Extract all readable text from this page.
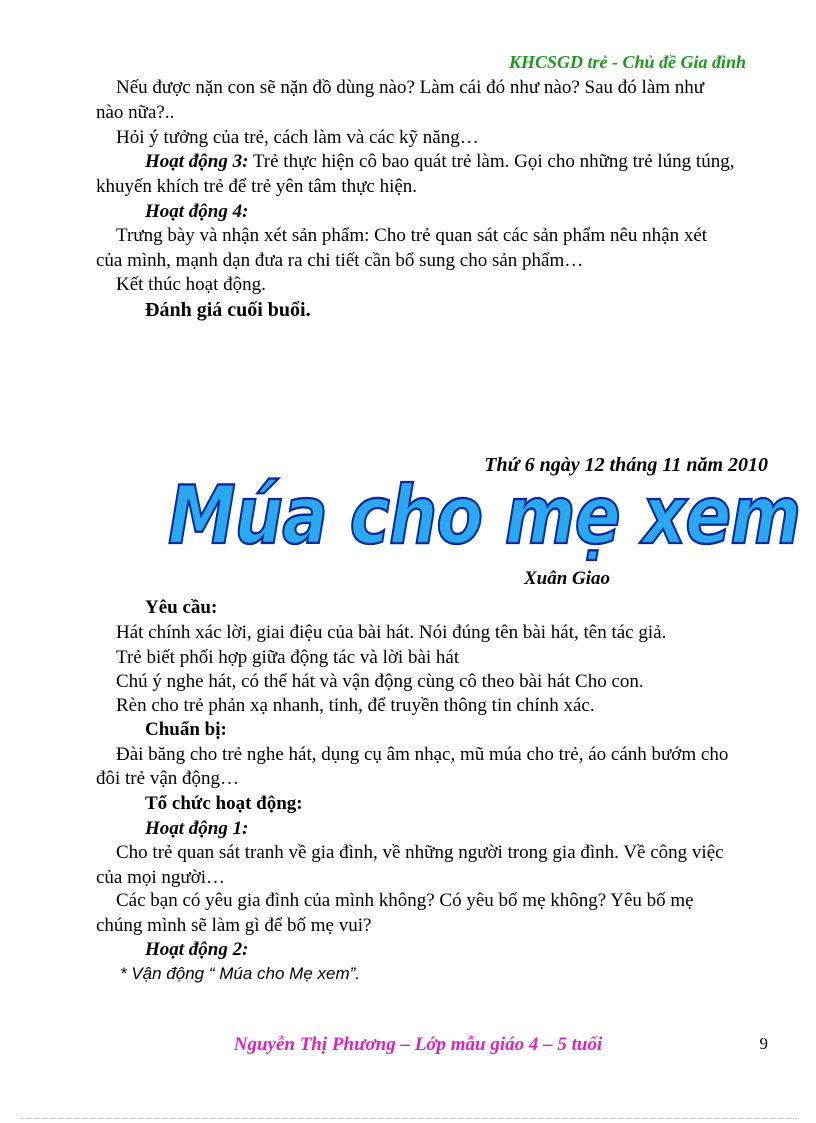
KHCSGD trẻ - Chủ đề Gia đình
Nếu được nặn con sẽ nặn đồ dùng nào? Làm cái đó như nào? Sau đó làm như
nào nữa?..
Hỏi ý tưởng của trẻ, cách làm và các kỹ năng…
Hoạt động 3: Trẻ thực hiện cô bao quát trẻ làm. Gọi cho những trẻ lúng túng,
khuyến khích trẻ để trẻ yên tâm thực hiện.
Hoạt động 4:
Trưng bày và nhận xét sản phẩm: Cho trẻ quan sát các sản phẩm nêu nhận xét
của mình, mạnh dạn đưa ra chi tiết cần bổ sung cho sản phẩm…
Kết thúc hoạt động.
Đánh giá cuối buổi.
Thứ 6 ngày 12 tháng 11 năm 2010
Múa cho mẹ xem
Xuân Giao
Yêu cầu:
Hát chính xác lời, giai điệu của bài hát. Nói đúng tên bài hát, tên tác giả.
Trẻ biết phối hợp giữa động tác và lời bài hát
Chú ý nghe hát, có thể hát và vận động cùng cô theo bài hát Cho con.
Rèn cho trẻ phản xạ nhanh, tinh, để truyền thông tin chính xác.
Chuẩn bị:
Đài băng cho trẻ nghe hát, dụng cụ âm nhạc, mũ múa cho trẻ, áo cánh bướm cho
đôi trẻ vận động…
Tổ chức hoạt động:
Hoạt động 1:
Cho trẻ quan sát tranh về gia đình, về những người trong gia đình. Về công việc
của mọi người…
Các bạn có yêu gia đình của mình không? Có yêu bố mẹ không? Yêu bố mẹ
chúng mình sẽ làm gì để bố mẹ vui?
Hoạt động 2:
* Vận động “ Múa cho Mẹ xem”.
Nguyễn Thị Phương – Lớp mẫu giáo 4 – 5 tuổi	9
